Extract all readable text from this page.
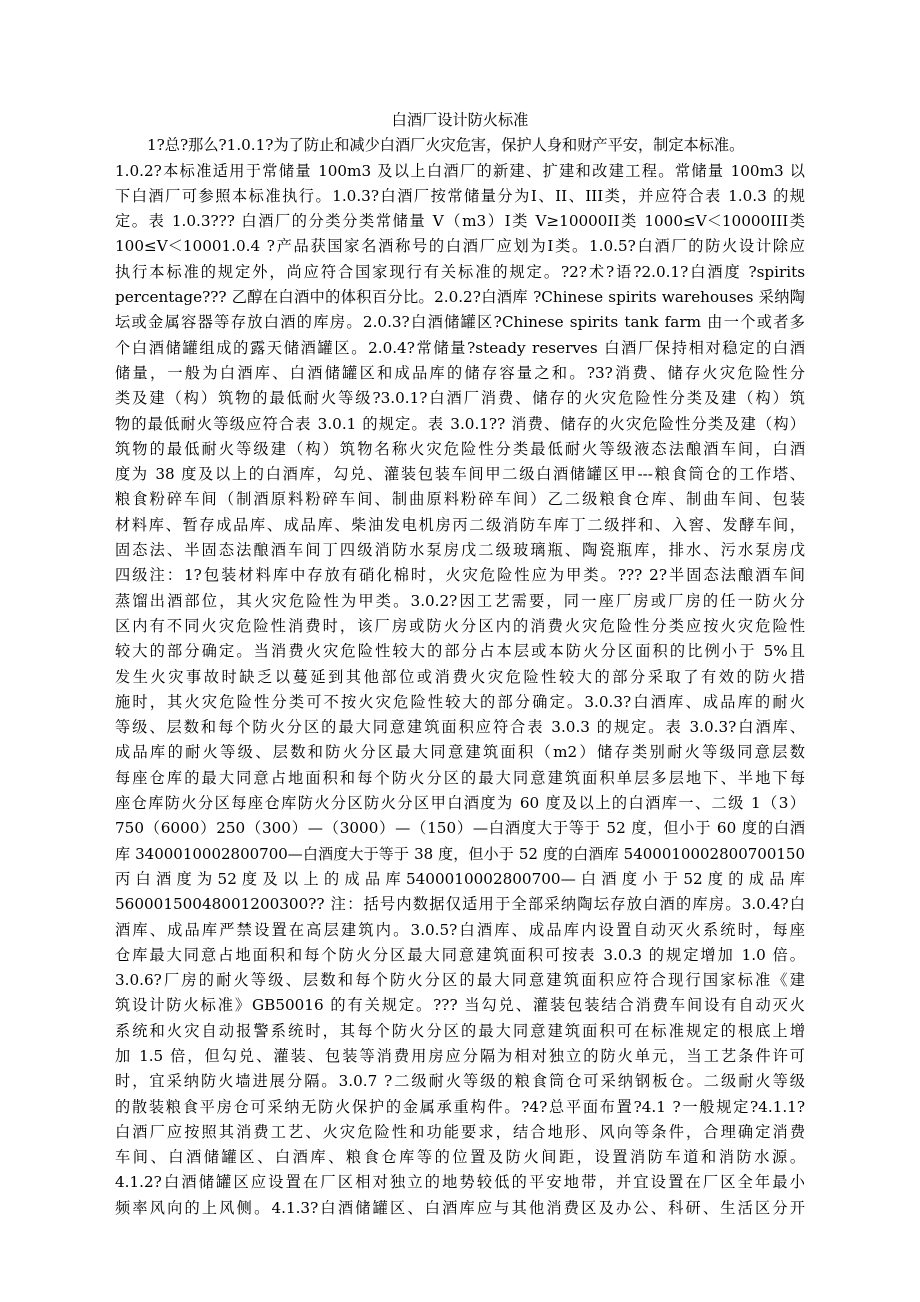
白酒厂设计防火标准

1?总?那么?1.0.1?为了防止和减少白酒厂火灾危害，保护人身和财产平安，制定本标准。

1.0.2?本标准适用于常储量 100m3 及以上白酒厂的新建、扩建和改建工程。常储量 100m3 以

下白酒厂可参照本标准执行。1.0.3?白酒厂按常储量分为I、II、III类，并应符合表 1.0.3 的规

定。表 1.0.3??? 白酒厂的分类分类常储量 V（m3）I类 V≥10000II类 1000≤V＜10000III类

100≤V＜10001.0.4 ?产品获国家名酒称号的白酒厂应划为I类。1.0.5?白酒厂的防火设计除应

执行本标准的规定外，尚应符合国家现行有关标准的规定。?2?术?语?2.0.1?白酒度 ?spirits

percentage??? 乙醇在白酒中的体积百分比。2.0.2?白酒库 ?Chinese spirits warehouses 采纳陶

坛或金属容器等存放白酒的库房。2.0.3?白酒储罐区?Chinese spirits tank farm 由一个或者多

个白酒储罐组成的露天储酒罐区。2.0.4?常储量?steady reserves 白酒厂保持相对稳定的白酒

储量，一般为白酒库、白酒储罐区和成品库的储存容量之和。?3?消费、储存火灾危险性分

类及建（构）筑物的最低耐火等级?3.0.1?白酒厂消费、储存的火灾危险性分类及建（构）筑

物的最低耐火等级应符合表 3.0.1 的规定。表 3.0.1?? 消费、储存的火灾危险性分类及建（构）

筑物的最低耐火等级建（构）筑物名称火灾危险性分类最低耐火等级液态法酿酒车间，白酒

度为 38 度及以上的白酒库，勾兑、灌装包装车间甲二级白酒储罐区甲---粮食筒仓的工作塔、

粮食粉碎车间（制酒原料粉碎车间、制曲原料粉碎车间）乙二级粮食仓库、制曲车间、包装

材料库、暂存成品库、成品库、柴油发电机房丙二级消防车库丁二级拌和、入窖、发酵车间，

固态法、半固态法酿酒车间丁四级消防水泵房戊二级玻璃瓶、陶瓷瓶库，排水、污水泵房戊

四级注：1?包装材料库中存放有硝化棉时，火灾危险性应为甲类。??? 2?半固态法酿酒车间

蒸馏出酒部位，其火灾危险性为甲类。3.0.2?因工艺需要，同一座厂房或厂房的任一防火分

区内有不同火灾危险性消费时，该厂房或防火分区内的消费火灾危险性分类应按火灾危险性

较大的部分确定。当消费火灾危险性较大的部分占本层或本防火分区面积的比例小于 5%且

发生火灾事故时缺乏以蔓延到其他部位或消费火灾危险性较大的部分采取了有效的防火措

施时，其火灾危险性分类可不按火灾危险性较大的部分确定。3.0.3?白酒库、成品库的耐火

等级、层数和每个防火分区的最大同意建筑面积应符合表 3.0.3 的规定。表 3.0.3?白酒库、

成品库的耐火等级、层数和防火分区最大同意建筑面积（m2）储存类别耐火等级同意层数

每座仓库的最大同意占地面积和每个防火分区的最大同意建筑面积单层多层地下、半地下每

座仓库防火分区每座仓库防火分区防火分区甲白酒度为 60 度及以上的白酒库一、二级 1（3）

750（6000）250（300）—（3000）—（150）—白酒度大于等于 52 度，但小于 60 度的白酒

库 3400010002800700—白酒度大于等于 38 度，但小于 52 度的白酒库 5400010002800700150

丙 白 酒 度 为 52 度 及 以 上 的 成 品 库 5400010002800700— 白 酒 度 小 于 52 度 的 成 品 库

56000150048001200300?? 注：括号内数据仅适用于全部采纳陶坛存放白酒的库房。3.0.4?白

酒库、成品库严禁设置在高层建筑内。3.0.5?白酒库、成品库内设置自动灭火系统时，每座

仓库最大同意占地面积和每个防火分区最大同意建筑面积可按表 3.0.3 的规定增加 1.0 倍。

3.0.6?厂房的耐火等级、层数和每个防火分区的最大同意建筑面积应符合现行国家标准《建

筑设计防火标准》GB50016 的有关规定。??? 当勾兑、灌装包装结合消费车间设有自动灭火

系统和火灾自动报警系统时，其每个防火分区的最大同意建筑面积可在标准规定的根底上增

加 1.5 倍，但勾兑、灌装、包装等消费用房应分隔为相对独立的防火单元，当工艺条件许可

时，宜采纳防火墙进展分隔。3.0.7 ?二级耐火等级的粮食筒仓可采纳钢板仓。二级耐火等级

的散装粮食平房仓可采纳无防火保护的金属承重构件。?4?总平面布置?4.1 ?一般规定?4.1.1?

白酒厂应按照其消费工艺、火灾危险性和功能要求，结合地形、风向等条件，合理确定消费

车间、白酒储罐区、白酒库、粮食仓库等的位置及防火间距，设置消防车道和消防水源。

4.1.2?白酒储罐区应设置在厂区相对独立的地势较低的平安地带，并宜设置在厂区全年最小

频率风向的上风侧。4.1.3?白酒储罐区、白酒库应与其他消费区及办公、科研、生活区分开
